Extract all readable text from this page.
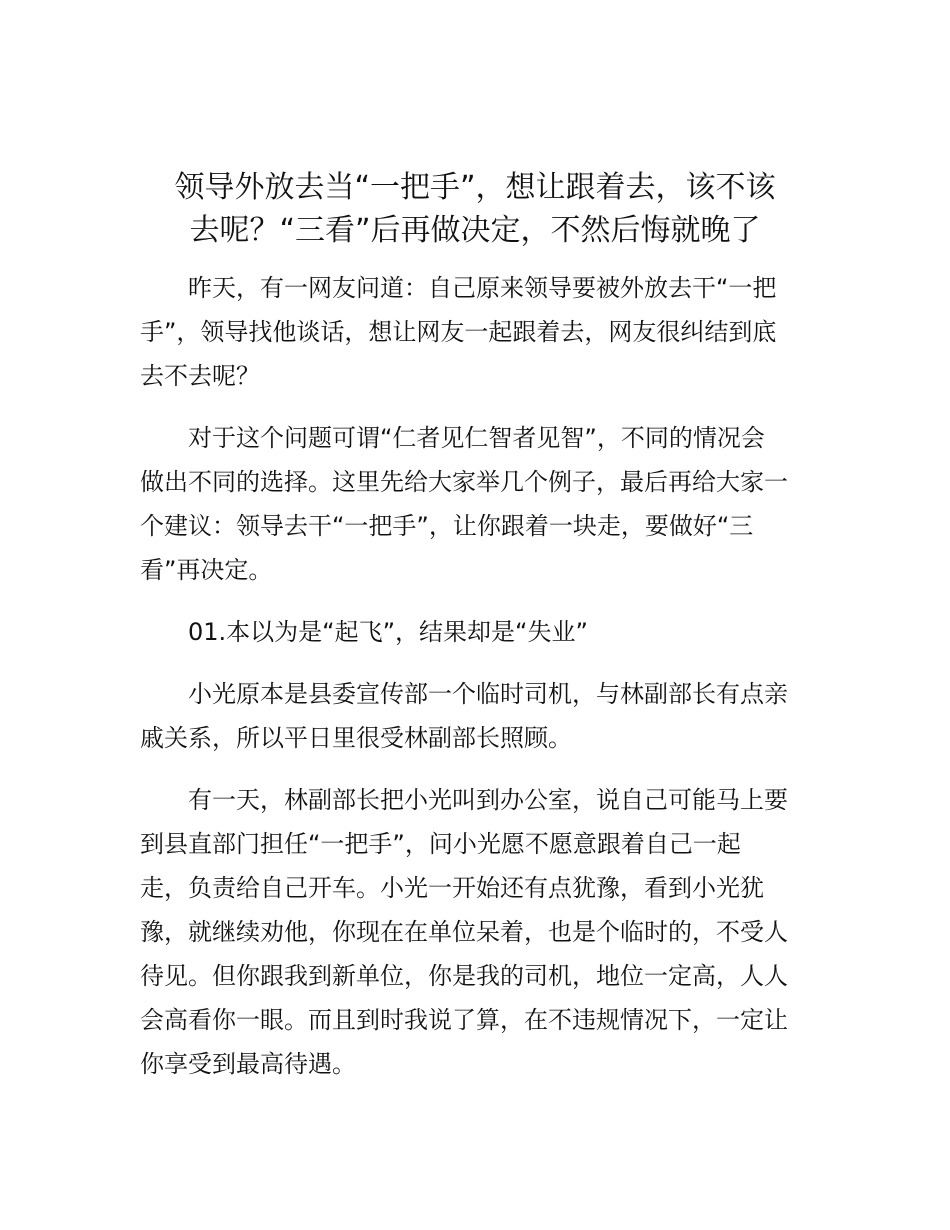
领导外放去当“一把手”，想让跟着去，该不该
去呢？“三看”后再做决定，不然后悔就晚了

昨天，有一网友问道：自己原来领导要被外放去干“一把
手”，领导找他谈话，想让网友一起跟着去，网友很纠结到底
去不去呢？

对于这个问题可谓“仁者见仁智者见智”，不同的情况会
做出不同的选择。这里先给大家举几个例子，最后再给大家一
个建议：领导去干“一把手”，让你跟着一块走，要做好“三
看”再决定。

01.本以为是“起飞”，结果却是“失业”

小光原本是县委宣传部一个临时司机，与林副部长有点亲
戚关系，所以平日里很受林副部长照顾。

有一天，林副部长把小光叫到办公室，说自己可能马上要
到县直部门担任“一把手”，问小光愿不愿意跟着自己一起
走，负责给自己开车。小光一开始还有点犹豫，看到小光犹
豫，就继续劝他，你现在在单位呆着，也是个临时的，不受人
待见。但你跟我到新单位，你是我的司机，地位一定高，人人
会高看你一眼。而且到时我说了算，在不违规情况下，一定让
你享受到最高待遇。
